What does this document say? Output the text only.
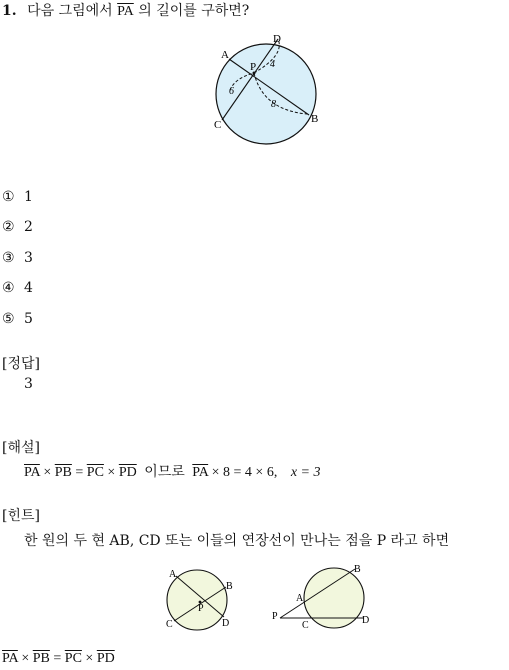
1. 다음 그림에서 $\overline{PA}$ 의 길이를 구하면?
A
B
C
D
P 4
6
8
① 1
② 2
③ 3
④ 4
⑤ 5
[정답]
3
[해설]
$\overline{PA} \times \overline{PB} = \overline{PC} \times \overline{PD}$ 이므로 $\overline{PA} \times 8 = 4 \times 6$, x = 3
[힌트]
한 원의 두 현 AB, CD 또는 이들의 연장선이 만나는 점을 P 라고 하면
A
B
C	D
P
P
A
B
C	D
$\overline{PA} \times \overline{PB} = \overline{PC} \times \overline{PD}$
